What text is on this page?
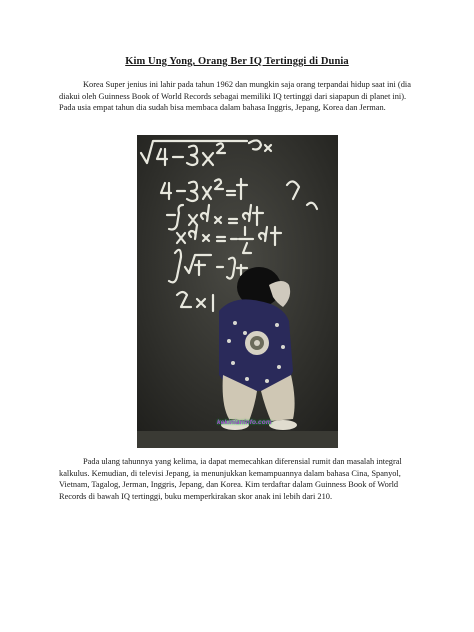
Kim Ung Yong, Orang Ber IQ Tertinggi di Dunia
Korea Super jenius ini lahir pada tahun 1962 dan mungkin saja orang terpandai hidup saat ini (dia diakui oleh Guinness Book of World Records sebagai memiliki IQ tertinggi dari siapapun di planet ini). Pada usia empat tahun dia sudah bisa membaca dalam bahasa Inggris, Jepang, Korea dan Jerman.
kekinianinfo.com
Pada ulang tahunnya yang kelima, ia dapat memecahkan diferensial rumit dan masalah integral kalkulus. Kemudian, di televisi Jepang, ia menunjukkan kemampuannya dalam bahasa Cina, Spanyol, Vietnam, Tagalog, Jerman, Inggris, Jepang, dan Korea. Kim terdaftar dalam Guinness Book of World Records di bawah IQ tertinggi, buku memperkirakan skor anak ini lebih dari 210.
